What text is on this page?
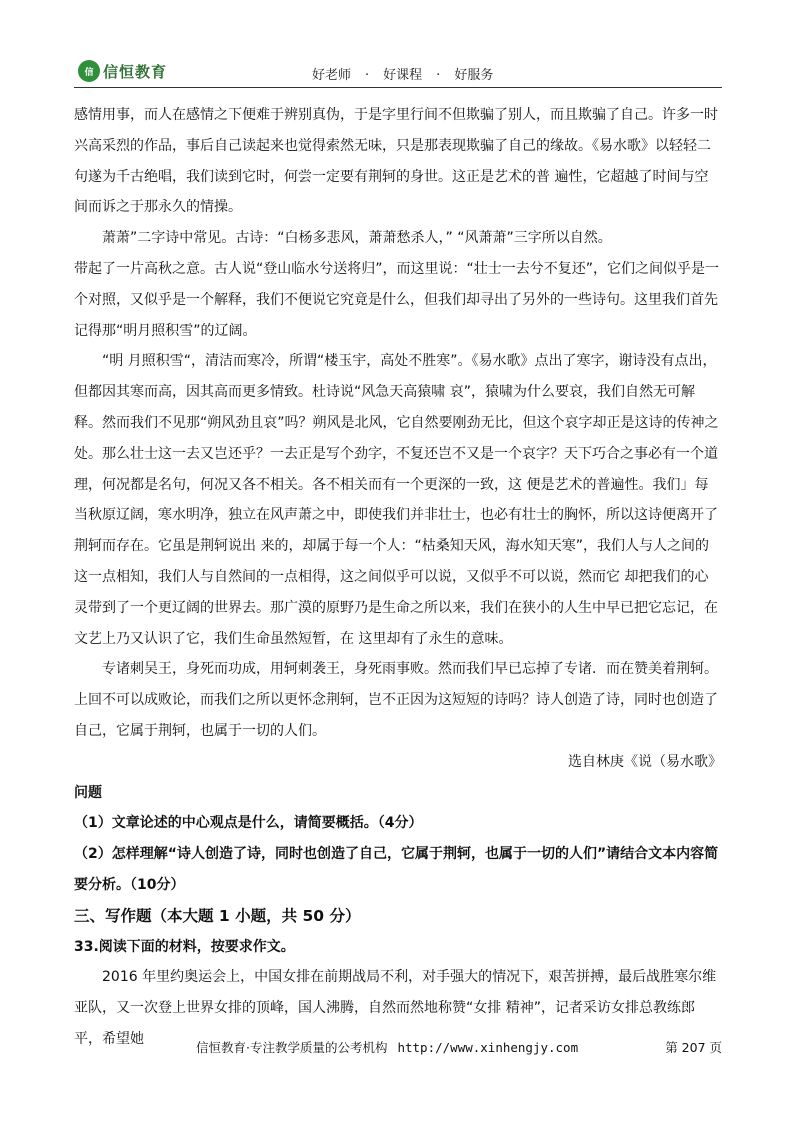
信 信恒教育	好老师 · 好课程 · 好服务

感情用事，而人在感情之下便难于辨别真伪，于是字里行间不但欺骗了别人，而且欺骗了自己。许多一时兴高采烈的作品，事后自己读起来也觉得索然无味，只是那表现欺骗了自己的缘故。《易水歌》以轻轻二句遂为千古绝唱，我们读到它时，何尝一定要有荆轲的身世。这正是艺术的普 遍性，它超越了时间与空间而诉之于那永久的情操。

萧萧”二字诗中常见。古诗：“白杨多悲风，萧萧愁杀人，” “风萧萧”三字所以自然。

带起了一片高秋之意。古人说“登山临水兮送将归”，而这里说：“壮士一去兮不复还”，它们之间似乎是一个对照，又似乎是一个解释，我们不便说它究竟是什么，但我们却寻出了另外的一些诗句。这里我们首先记得那“明月照积雪”的辽阔。

“明 月照积雪“，清洁而寒冷，所谓“楼玉宇，高处不胜寒”。《易水歌》点出了寒字，谢诗没有点出，但都因其寒而高，因其高而更多情致。杜诗说“风急天高猿啸 哀”，猿啸为什么要哀，我们自然无可解释。然而我们不见那“朔风劲且哀”吗？朔风是北风，它自然要刚劲无比，但这个哀字却正是这诗的传神之处。那么壮士这一去又岂还乎？一去正是写个劲字，不复还岂不又是一个哀字？天下巧合之事必有一个道理，何况都是名句，何况又各不相关。各不相关而有一个更深的一致，这 便是艺术的普遍性。我们」每当秋原辽阔，寒水明净，独立在风声萧之中，即使我们并非壮士，也必有壮士的胸怀，所以这诗便离开了荆轲而存在。它虽是荆轲说出 来的，却属于每一个人：“枯桑知天风，海水知天寒”，我们人与人之间的这一点相知，我们人与自然间的一点相得，这之间似乎可以说，又似乎不可以说，然而它 却把我们的心灵带到了一个更辽阔的世界去。那广漠的原野乃是生命之所以来，我们在狭小的人生中早已把它忘记，在文艺上乃又认识了它，我们生命虽然短暂，在 这里却有了永生的意味。

专诸刺吴王，身死而功成，用轲刺袭王，身死雨事败。然而我们早已忘掉了专诸．而在赞美着荆轲。上回不可以成败论，而我们之所以更怀念荆轲，岂不正因为这短短的诗吗？诗人创造了诗，同时也创造了自己，它属于荆轲，也属于一切的人们。

选自林庚《说（易水歌》

问题

（1）文章论述的中心观点是什么，请简要概括。（4分）

（2）怎样理解“诗人创造了诗，同时也创造了自己，它属于荆轲，也属于一切的人们”请结合文本内容简要分析。（10分）

三、写作题（本大题 1 小题，共 50 分）

33.阅读下面的材料，按要求作文。

2016 年里约奥运会上，中国女排在前期战局不利，对手强大的情况下，艰苦拼搏，最后战胜寒尔维亚队，又一次登上世界女排的顶峰，国人沸腾，自然而然地称赞“女排 精神”，记者采访女排总教练郎平，希望她

信恒教育·专注教学质量的公考机构 http://www.xinhengjy.com	第 207 页
